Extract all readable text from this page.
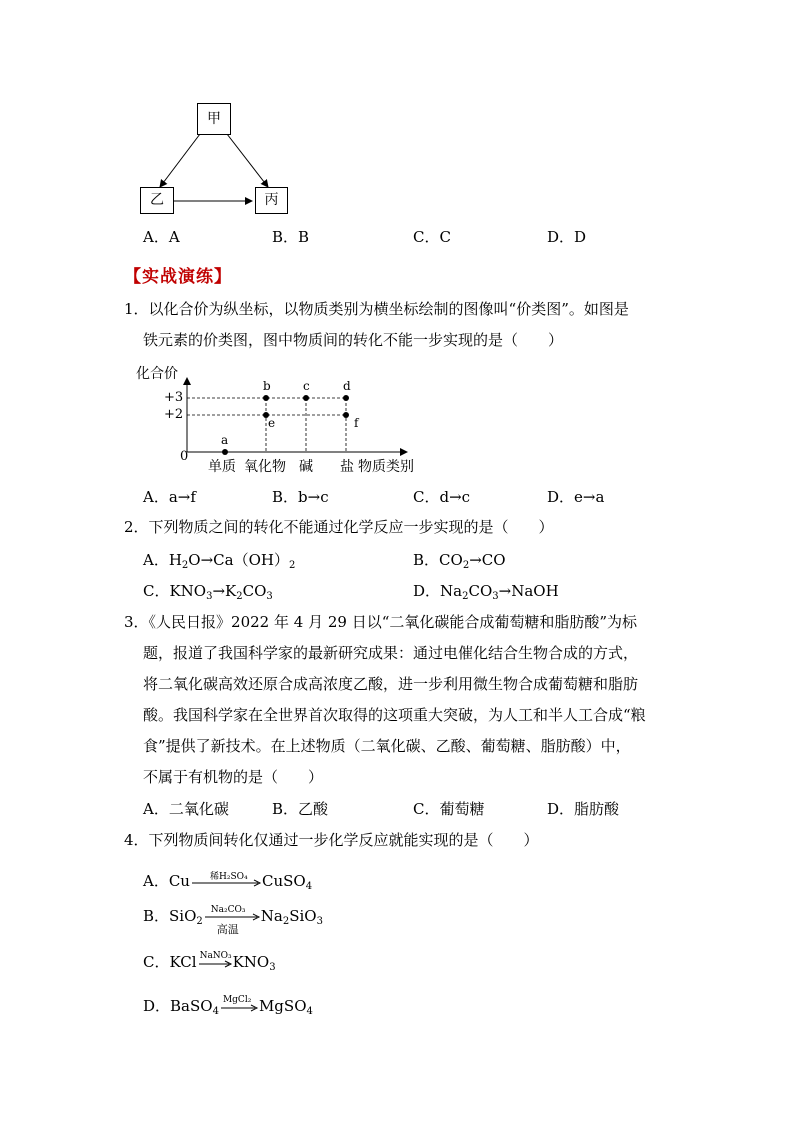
甲
乙	丙
A．A	B．B	C．C	D．D
【实战演练】
1．以化合价为纵坐标，以物质类别为横坐标绘制的图像叫“价类图”。如图是
铁元素的价类图，图中物质间的转化不能一步实现的是（　　）
化合价
+3
+2
0
单质 氧化物 碱 盐 物质类别
a
b	c	d
e	f
A．a→f	B．b→c	C．d→c	D．e→a
2．下列物质之间的转化不能通过化学反应一步实现的是（　　）
A．$H_2O\to Ca(OH)_2$	B．$CO_2\to CO$
C．$KNO_3\to K_2CO_3$	D．$Na_2CO_3\to NaOH$
3．《人民日报》2022 年 4 月 29 日以“二氧化碳能合成葡萄糖和脂肪酸”为标
题，报道了我国科学家的最新研究成果：通过电催化结合生物合成的方式，
将二氧化碳高效还原合成高浓度乙酸，进一步利用微生物合成葡萄糖和脂肪
酸。我国科学家在全世界首次取得的这项重大突破，为人工和半人工合成“粮
食”提供了新技术。在上述物质（二氧化碳、乙酸、葡萄糖、脂肪酸）中，
不属于有机物的是（　　）
A．二氧化碳	B．乙酸	C．葡萄糖	D．脂肪酸
4．下列物质间转化仅通过一步化学反应就能实现的是（　　）
A．Cu 稀H₂SO₄ CuSO$_4$
B．SiO$_2$
Na₂CO₃
高温
$Na_2SiO_3$
C．KCl NaNO₃ $KNO_3$
D．BaSO$_4$
MgCl₂ MgSO$_4$
